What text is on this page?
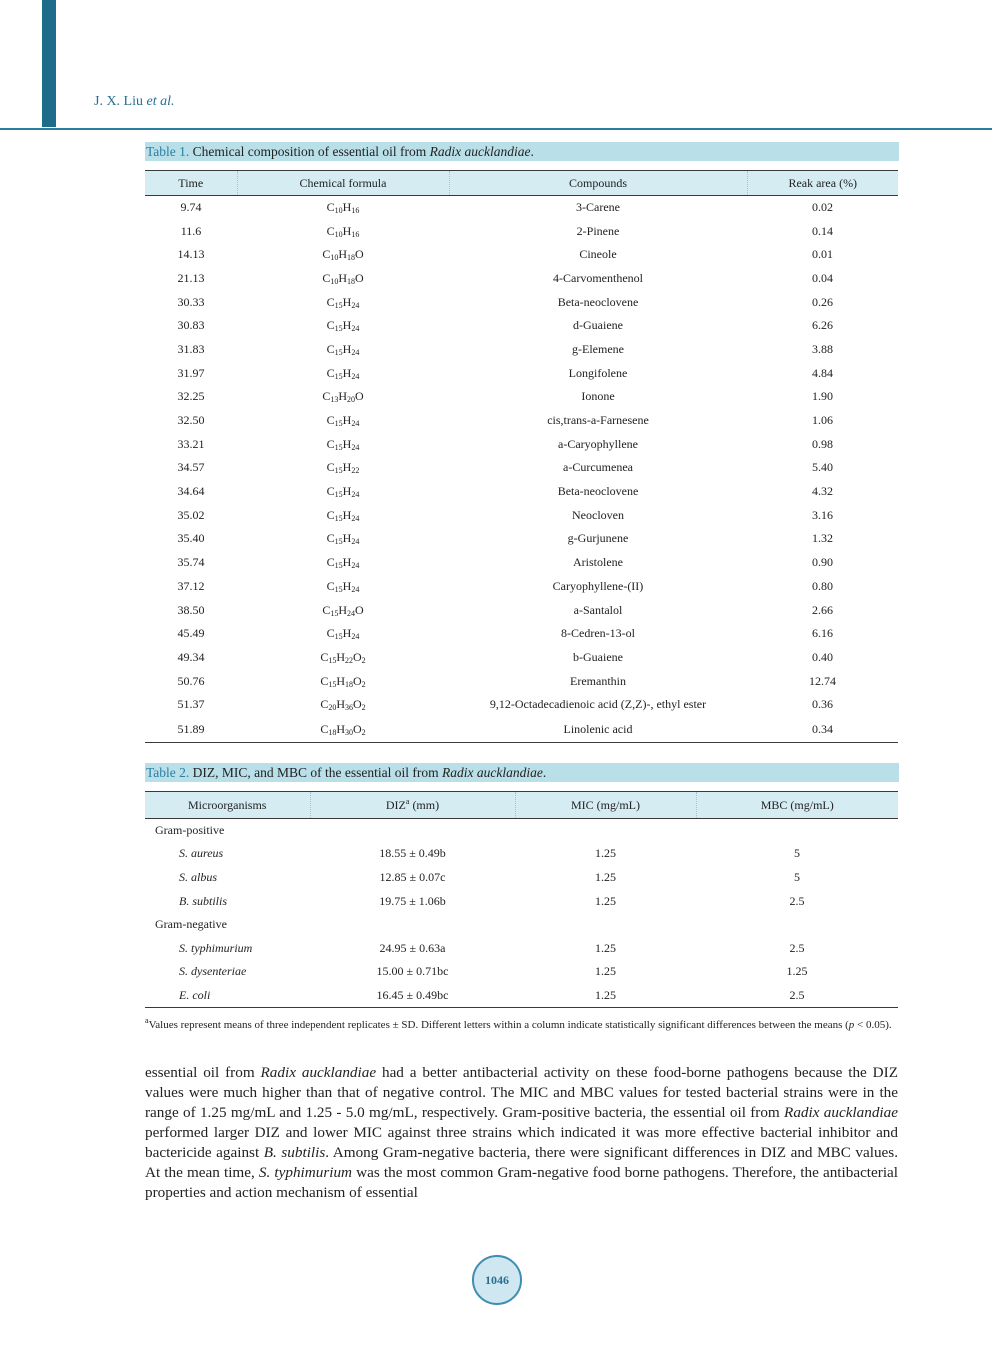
J. X. Liu et al.
Table 1. Chemical composition of essential oil from Radix aucklandiae.
Time	Chemical formula	Compounds	Reak area (%)
9.74	$C_{10}H_{16}$	3-Carene	0.02
11.6	$C_{10}H_{16}$	2-Pinene	0.14
14.13	$C_{10}H_{18}O$	Cineole	0.01
21.13	$C_{10}H_{18}O$	4-Carvomenthenol	0.04
30.33	$C_{15}H_{24}$	Beta-neoclovene	0.26
30.83	$C_{15}H_{24}$	d-Guaiene	6.26
31.83	$C_{15}H_{24}$	g-Elemene	3.88
31.97	$C_{15}H_{24}$	Longifolene	4.84
32.25	$C_{13}H_{20}O$	Ionone	1.90
32.50	$C_{15}H_{24}$	cis,trans-a-Farnesene	1.06
33.21	$C_{15}H_{24}$	a-Caryophyllene	0.98
34.57	$C_{15}H_{22}$	a-Curcumenea	5.40
34.64	$C_{15}H_{24}$	Beta-neoclovene	4.32
35.02	$C_{15}H_{24}$	Neocloven	3.16
35.40	$C_{15}H_{24}$	g-Gurjunene	1.32
35.74	$C_{15}H_{24}$	Aristolene	0.90
37.12	$C_{15}H_{24}$	Caryophyllene-(II)	0.80
38.50	$C_{15}H_{24}O$	a-Santalol	2.66
45.49	$C_{15}H_{24}$	8-Cedren-13-ol	6.16
49.34	$C_{15}H_{22}O_2$	b-Guaiene	0.40
50.76	$C_{15}H_{18}O_2$	Eremanthin	12.74
51.37	$C_{20}H_{36}O_2$	9,12-Octadecadienoic acid (Z,Z)-, ethyl ester	0.36
51.89	$C_{18}H_{30}O_2$	Linolenic acid	0.34
Table 2. DIZ, MIC, and MBC of the essential oil from Radix aucklandiae.
Microorganisms	DIZ$^a$ (mm)	MIC (mg/mL)	MBC (mg/mL)
Gram-positive			
S. aureus	18.55 ± 0.49b	1.25	5
S. albus	12.85 ± 0.07c	1.25	5
B. subtilis	19.75 ± 1.06b	1.25	2.5
Gram-negative			
S. typhimurium	24.95 ± 0.63a	1.25	2.5
S. dysenteriae	15.00 ± 0.71bc	1.25	1.25
E. coli	16.45 ± 0.49bc	1.25	2.5
$^a$Values represent means of three independent replicates ± SD. Different letters within a column indicate statistically significant differences between the means (p < 0.05).
essential oil from Radix aucklandiae had a better antibacterial activity on these food-borne pathogens because the DIZ values were much higher than that of negative control. The MIC and MBC values for tested bacterial strains were in the range of 1.25 mg/mL and 1.25 - 5.0 mg/mL, respectively. Gram-positive bacteria, the essential oil from Radix aucklandiae performed larger DIZ and lower MIC against three strains which indicated it was more effective bacterial inhibitor and bactericide against B. subtilis. Among Gram-negative bacteria, there were significant differences in DIZ and MBC values. At the mean time, S. typhimurium was the most common Gram-negative food borne pathogens. Therefore, the antibacterial properties and action mechanism of essential
1046
